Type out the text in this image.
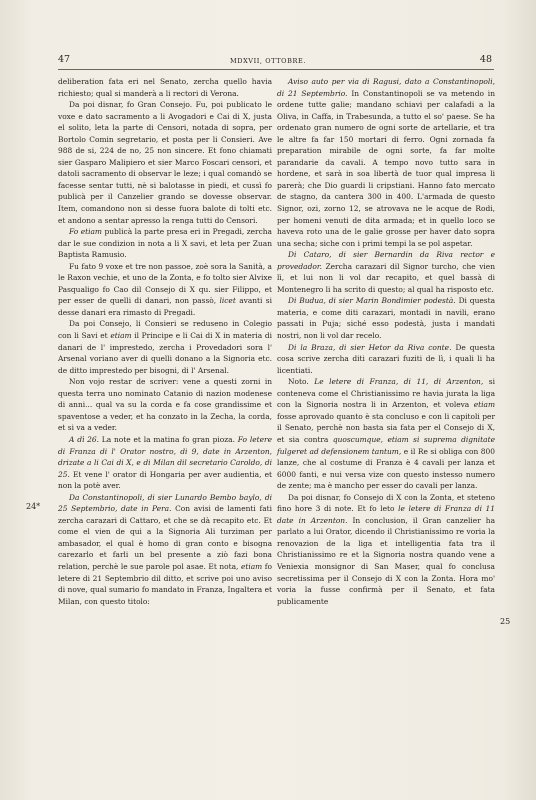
47	MDXVII, OTTOBRE.	48
24*
25

deliberation fata eri nel Senato, zercha quello havia richiesto; qual si manderà a li rectori di Verona.

Da poi disnar, fo Gran Consejo. Fu, poi publicato le voxe e dato sacramento a li Avogadori e Cai di X, justa el solito, leta la parte di Censori, notada di sopra, per Bortolo Comin segretario, et posta per li Consieri. Ave 988 de si, 224 de no, 25 non sincere. Et fono chiamati sier Gasparo Malipiero et sier Marco Foscari censori, et datoli sacramento di observar le leze; i qual comandò se facesse sentar tutti, nè si balotasse in piedi, et cussì fo publicà per il Canzelier grando se dovesse observar. Item, comandono non si desse fuora balote di tolti etc. et andono a sentar apresso la renga tutti do Censori.

Fo etiam publicà la parte presa eri in Pregadi, zercha dar le sue condizion in nota a li X savi, et leta per Zuan Baptista Ramusio.

Fu fato 9 voxe et tre non passoe, zoè sora la Sanità, a le Raxon vechie, et uno de la Zonta, e fo tolto sier Alvixe Pasqualigo fo Cao dil Consejo di X qu. sier Filippo, et per esser de quelli di danari, non passò, licet avanti si desse danari era rimasto di Pregadi.

Da poi Consejo, li Consieri se reduseno in Colegio con li Savi et etiam il Principe e li Cai di X in materia di danari de l' imprestedo, zercha i Provedadori sora l' Arsenal voriano aver di quelli donano a la Signoria etc. de ditto imprestedo per bisogni, di l' Arsenal.

Non vojo restar de scriver: vene a questi zorni in questa terra uno nominato Catanio di nazion modenese di anni... qual va su la corda e fa cose grandissime et spaventose a veder, et ha conzato in la Zecha, la corda, et si va a veder.

A dì 26. La note et la matina fo gran pioza. Fo letere di Franza di l' Orator nostro, di 9, date in Arzenton, drizate a li Cai di X, e di Milan dil secretario Caroldo, di 25. Et vene l' orator di Hongaria per aver audientia, et non la potè aver.

Da Constantinopoli, di sier Lunardo Bembo baylo, di 25 Septembrio, date in Pera. Con avisi de lamenti fati zercha carazari di Cattaro, et che se dà recapito etc. Et come el vien de qui a la Signoria Ali turziman per ambasador, el qual è homo di gran conto e bisogna carezarlo et farli un bel presente a ziò fazi bona relation, perchè le sue parole pol asae. Et nota, etiam fo letere di 21 Septembrio dil ditto, et scrive poi uno aviso di nove, qual sumario fo mandato in Franza, Ingaltera et Milan, con questo titolo:

Aviso auto per via di Ragusi, dato a Constantinopoli, di 21 Septembrio. In Constantinopoli se va metendo in ordene tutte galie; mandano schiavi per calafadi a la Oliva, in Caffa, in Trabesunda, a tutto el so' paese. Se ha ordenato gran numero de ogni sorte de artellarie, et tra le altre fa far 150 mortari di ferro. Ogni zornada fa preparation mirabile de ogni sorte, fa far molte parandarie da cavali. A tempo novo tutto sara in hordene, et sarà in soa libertà de tuor qual impresa li parerà; che Dio guardi li cripstiani. Hanno fato mercato de stagno, da cantera 300 in 400. L'armada de questo Signor, ozi, zorno 12, se atrovava ne le acque de Rodi, per homeni venuti de dita armada; et in quello loco se haveva roto una de le galie grosse per haver dato sopra una secha; siche con i primi tempi la se pol aspetar.

Di Cataro, di sier Bernardin da Riva rector e provedador. Zercha carazari dil Signor turcho, che vien lì, et lui non li vol dar recapito, et quel bassà di Montenegro li ha scrito di questo; al qual ha risposto etc.

Di Budua, di sier Marin Bondimier podestà. Di questa materia, e come diti carazari, montadi in navili, erano passati in Puja; siché esso podestà, justa i mandati nostri, non li vol dar recelo.

Di la Braza, di sier Hetor da Riva conte. De questa cosa scrive zercha diti carazari fuziti de lì, i quali li ha licentiati.

Noto. Le letere di Franza, di 11, di Arzenton, si conteneva come el Christianissimo re havia jurata la liga con la Signoria nostra li in Arzenton, et voleva etiam fosse aprovado quanto è sta concluso e con li capitoli per il Senato, perchè non basta sia fata per el Consejo di X, et sia contra quoscumque, etiam si suprema dignitate fulgeret ad defensionem tantum, e il Re si obliga con 800 lanze, che al costume di Franza è 4 cavali per lanza et 6000 fanti, e nui versa vize con questo instesso numero de zente; ma è mancho per esser do cavali per lanza.

Da poi disnar, fo Consejo di X con la Zonta, et steteno fino hore 3 di note. Et fo leto le letere di Franza di 11 date in Arzenton. In conclusion, il Gran canzelier ha parlato a lui Orator, dicendo il Christianissimo re voria la renovazion de la liga et intelligentia fata tra il Christianissimo re et la Signoria nostra quando vene a Veniexia monsignor di San Maser, qual fo conclusa secretissima per il Consejo di X con la Zonta. Hora mo' voria la fusse confirmà per il Senato, et fata publicamente
